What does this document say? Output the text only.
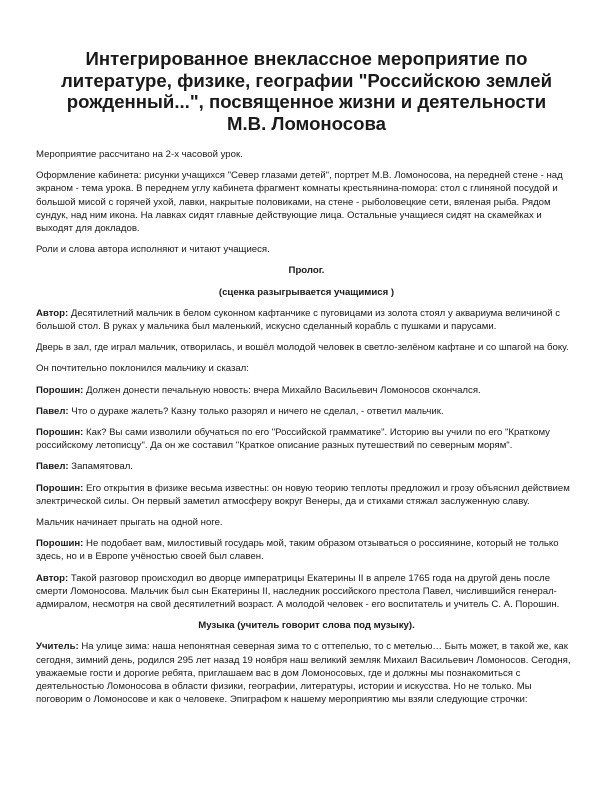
Интегрированное внеклассное мероприятие по литературе, физике, географии "Российскою землей рожденный...", посвященное жизни и деятельности М.В. Ломоносова

Мероприятие рассчитано на 2-х часовой урок.

Оформление кабинета: рисунки учащихся "Север глазами детей", портрет М.В. Ломоносова, на передней стене - над экраном - тема урока. В переднем углу кабинета фрагмент комнаты крестьянина-помора: стол с глиняной посудой и большой мисой с горячей ухой, лавки, накрытые половиками, на стене - рыболовецкие сети, вяленая рыба. Рядом сундук, над ним икона. На лавках сидят главные действующие лица. Остальные учащиеся сидят на скамейках и выходят для докладов.

Роли и слова автора исполняют и читают учащиеся.

Пролог.

(сценка разыгрывается учащимися )

Автор: Десятилетний мальчик в белом суконном кафтанчике с пуговицами из золота стоял у аквариума величиной с большой стол. В руках у мальчика был маленький, искусно сделанный корабль с пушками и парусами.

Дверь в зал, где играл мальчик, отворилась, и вошёл молодой человек в светло-зелёном кафтане и со шпагой на боку.

Он почтительно поклонился мальчику и сказал:

Порошин: Должен донести печальную новость: вчера Михайло Васильевич Ломоносов скончался.

Павел: Что о дураке жалеть? Казну только разорял и ничего не сделал, - ответил мальчик.

Порошин: Как? Вы сами изволили обучаться по его "Российской грамматике". Историю вы учили по его "Краткому российскому летописцу". Да он же составил "Краткое описание разных путешествий по северным морям".

Павел: Запамятовал.

Порошин: Его открытия в физике весьма известны: он новую теорию теплоты предложил и грозу объяснил действием электрической силы. Он первый заметил атмосферу вокруг Венеры, да и стихами стяжал заслуженную славу.

Мальчик начинает прыгать на одной ноге.

Порошин: Не подобает вам, милостивый государь мой, таким образом отзываться о россиянине, который не только здесь, но и в Европе учёностью своей был славен.

Автор: Такой разговор происходил во дворце императрицы Екатерины II в апреле 1765 года на другой день после смерти Ломоносова. Мальчик был сын Екатерины II, наследник российского престола Павел, числившийся генерал-адмиралом, несмотря на свой десятилетний возраст. А молодой человек - его воспитатель и учитель С. А. Порошин.

Музыка (учитель говорит слова под музыку).

Учитель: На улице зима: наша непонятная северная зима то с оттепелью, то с метелью… Быть может, в такой же, как сегодня, зимний день, родился 295 лет назад 19 ноября наш великий земляк Михаил Васильевич Ломоносов. Сегодня, уважаемые гости и дорогие ребята, приглашаем вас в дом Ломоносовых, где и должны мы познакомиться с деятельностью Ломоносова в области физики, географии, литературы, истории и искусства. Но не только. Мы поговорим о Ломоносове и как о человеке. Эпиграфом к нашему мероприятию мы взяли следующие строчки:
